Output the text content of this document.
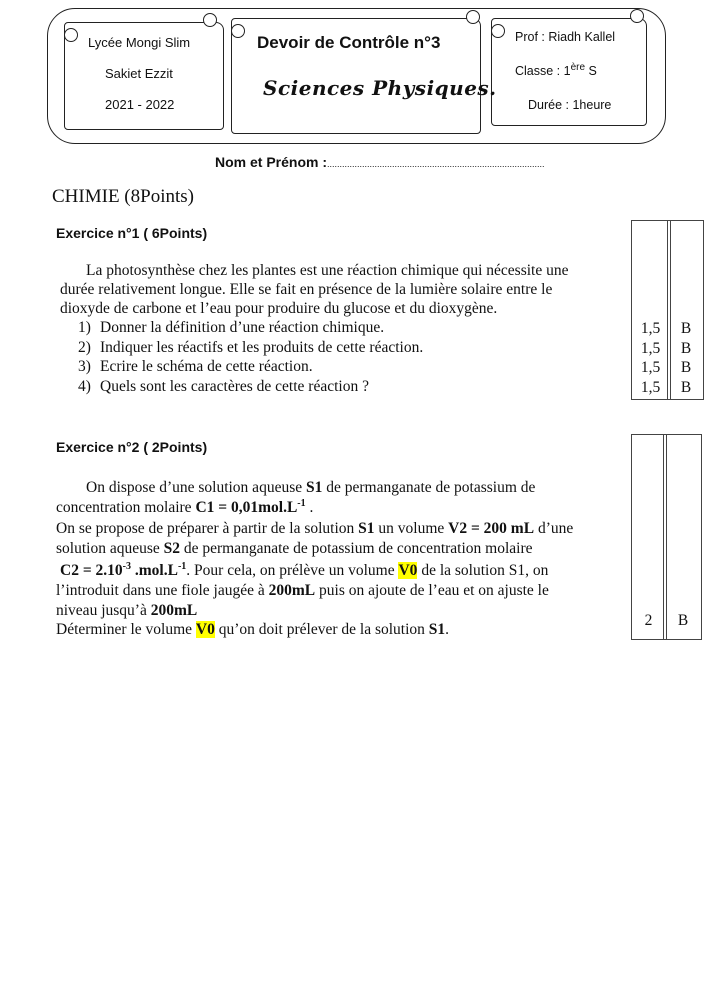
Lycée Mongi Slim
Sakiet Ezzit
2021 - 2022
Devoir de Contrôle n°3
Sciences Physiques.
Prof : Riadh Kallel
Classe : 1ère S
Durée : 1heure
Nom et Prénom :.......................................................................................
CHIMIE (8Points)
Exercice n°1 ( 6Points)
La photosynthèse chez les plantes est une réaction chimique qui nécessite une
durée relativement longue. Elle se fait en présence de la lumière solaire entre le
dioxyde de carbone et l’eau pour produire du glucose et du dioxygène.
1) Donner la définition d’une réaction chimique.
2) Indiquer les réactifs et les produits de cette réaction.
3) Ecrire le schéma de cette réaction.
4) Quels sont les caractères de cette réaction ?
1,5
1,5
1,5
1,5
B
B
B
B
Exercice n°2 ( 2Points)
On dispose d’une solution aqueuse S1 de permanganate de potassium de
concentration molaire $C1 = 0,01mol.L^{-1}$ .
On se propose de préparer à partir de la solution S1 un volume V2 = 200 mL d’une
solution aqueuse S2 de permanganate de potassium de concentration molaire
$C2 = 2.10^{-3}$ $.mol.L^{-1}$. Pour cela, on prélève un volume V0 de la solution S1, on
l’introduit dans une fiole jaugée à 200mL puis on ajoute de l’eau et on ajuste le
niveau jusqu’à 200mL
Déterminer le volume V0 qu’on doit prélever de la solution S1.
2	B
